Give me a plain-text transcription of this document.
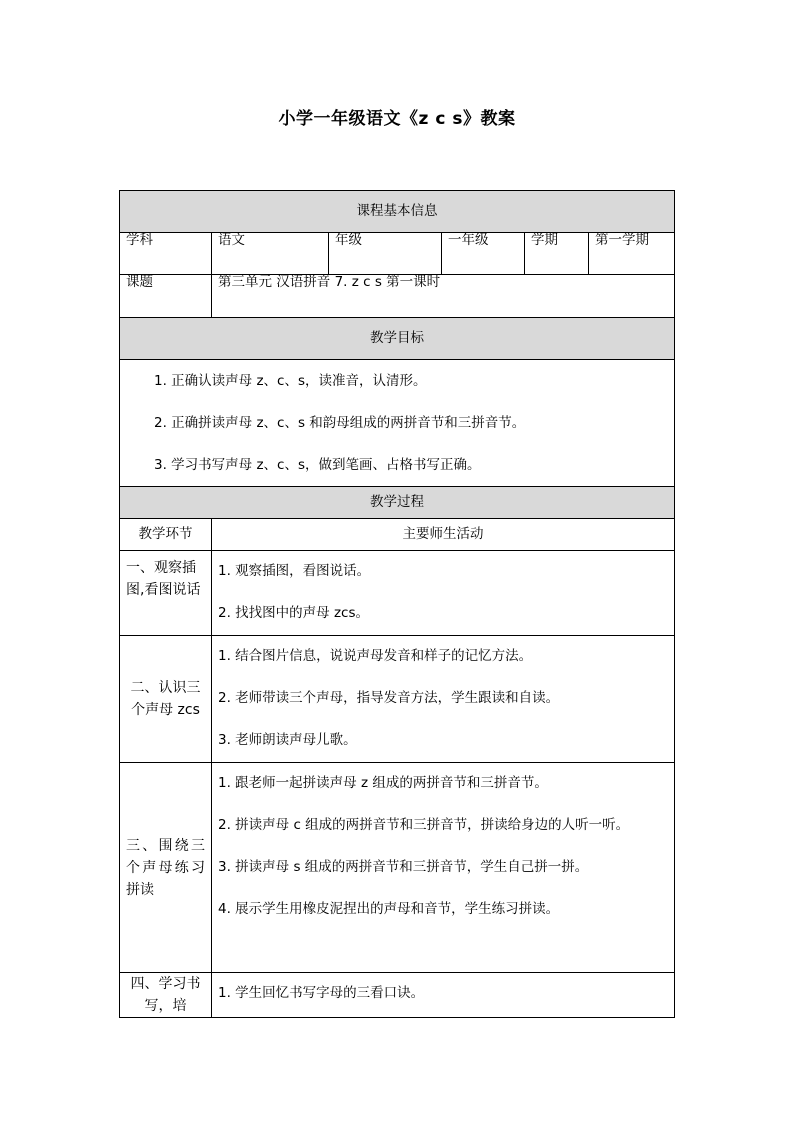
小学一年级语文《z c s》教案
课程基本信息					
学科	语文	年级	一年级	学期	第一学期
课题	第三单元 汉语拼音 7. z c s 第一课时				
教学目标					

1. 正确认读声母 z、c、s，读准音，认清形。

2. 正确拼读声母 z、c、s 和韵母组成的两拼音节和三拼音节。

3. 学习书写声母 z、c、s，做到笔画、占格书写正确。					

教学过程					
教学环节	主要师生活动				
一、观察插图,看图说话	1. 观察插图，看图说话。

2. 找找图中的声母 zcs。				

二、认识三个声母 zcs	1. 结合图片信息，说说声母发音和样子的记忆方法。

2. 老师带读三个声母，指导发音方法，学生跟读和自读。

3. 老师朗读声母儿歌。				

三、围绕三个声母练习拼读	1. 跟老师一起拼读声母 z 组成的两拼音节和三拼音节。

2. 拼读声母 c 组成的两拼音节和三拼音节，拼读给身边的人听一听。

3. 拼读声母 s 组成的两拼音节和三拼音节，学生自己拼一拼。

4. 展示学生用橡皮泥捏出的声母和音节，学生练习拼读。				

四、学习书写，培	1. 学生回忆书写字母的三看口诀。				
